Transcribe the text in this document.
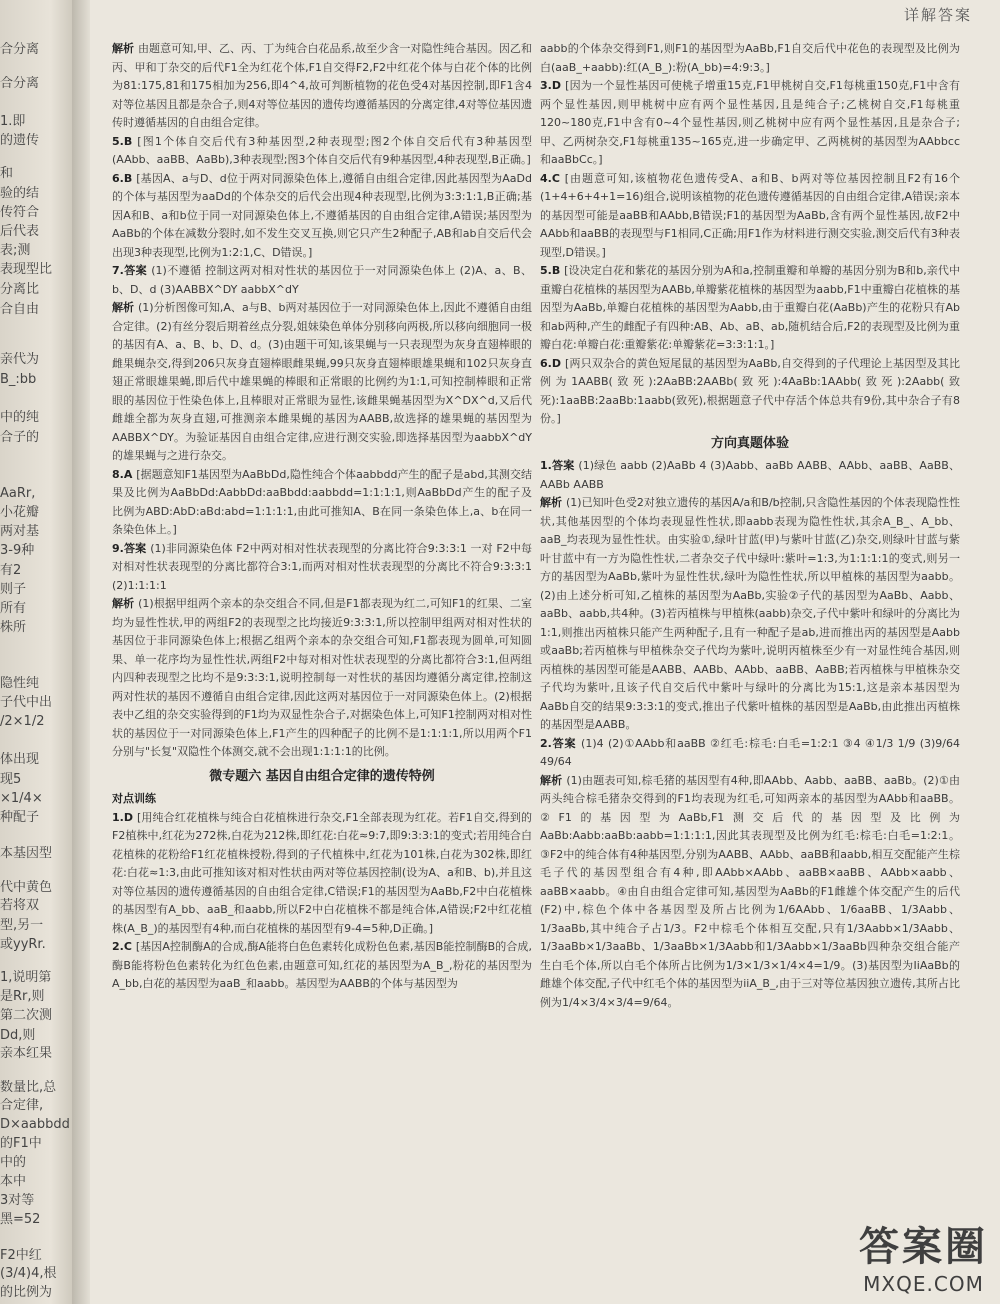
合分离
合分离
1.即
的遗传
和
验的结
传符合
后代表
表;测
表现型比
分离比
合自由
亲代为
B_:bb
中的纯
合子的
AaRr,
小花瓣
两对基
3-9种
有2
则子
所有
株所
隐性纯
子代中出
/2×1/2
体出现
现5
×1/4×
种配子
本基因型
代中黄色
若将双
型,另一
或yyRr.
1,说明第
是Rr,则
第二次测
Dd,则
亲本红果
数量比,总
合定律,
D×aabbdd
的F1中
中的
本中
3对等
黑=52
F2中红
(3/4)4,根
的比例为
详解答案

解析 由题意可知,甲、乙、丙、丁为纯合白花品系,故至少含一对隐性纯合基因。因乙和丙、甲和丁杂交的后代F1全为红花个体,F1自交得F2,F2中红花个体与白花个体的比例为81:175,81和175相加为256,即4^4,故可判断植物的花色受4对基因控制,即F1含4对等位基因且都是杂合子,则4对等位基因的遗传均遵循基因的分离定律,4对等位基因遗传时遵循基因的自由组合定律。

5.B [图1个体自交后代有3种基因型,2种表现型;图2个体自交后代有3种基因型(AAbb、aaBB、AaBb),3种表现型;图3个体自交后代有9种基因型,4种表现型,B正确。]

6.B [基因A、a与D、d位于两对同源染色体上,遵循自由组合定律,因此基因型为AaDd的个体与基因型为aaDd的个体杂交的后代会出现4种表现型,比例为3:3:1:1,B正确;基因A和B、a和b位于同一对同源染色体上,不遵循基因的自由组合定律,A错误;基因型为AaBb的个体在减数分裂时,如不发生交叉互换,则它只产生2种配子,AB和ab自交后代会出现3种表现型,比例为1:2:1,C、D错误。]

7.答案 (1)不遵循 控制这两对相对性状的基因位于一对同源染色体上 (2)A、a、B、b、D、d (3)AABBX^DY aabbX^dY

解析 (1)分析图像可知,A、a与B、b两对基因位于一对同源染色体上,因此不遵循自由组合定律。(2)有丝分裂后期着丝点分裂,姐妹染色单体分别移向两极,所以移向细胞同一极的基因有A、a、B、b、D、d。(3)由题干可知,该果蝇与一只表现型为灰身直翅棒眼的雌果蝇杂交,得到206只灰身直翅棒眼雌果蝇,99只灰身直翅棒眼雄果蝇和102只灰身直翅正常眼雄果蝇,即后代中雄果蝇的棒眼和正常眼的比例约为1:1,可知控制棒眼和正常眼的基因位于性染色体上,且棒眼对正常眼为显性,该雌果蝇基因型为X^DX^d,又后代雌雄全都为灰身直翅,可推测亲本雌果蝇的基因为AABB,故选择的雄果蝇的基因型为AABBX^DY。为验证基因自由组合定律,应进行测交实验,即选择基因型为aabbX^dY的雄果蝇与之进行杂交。

8.A [据题意知F1基因型为AaBbDd,隐性纯合个体aabbdd产生的配子是abd,其测交结果及比例为AaBbDd:AabbDd:aaBbdd:aabbdd=1:1:1:1,则AaBbDd产生的配子及比例为ABD:AbD:aBd:abd=1:1:1:1,由此可推知A、B在同一条染色体上,a、b在同一条染色体上。]

9.答案 (1)非同源染色体 F2中两对相对性状表现型的分离比符合9:3:3:1 一对 F2中每对相对性状表现型的分离比都符合3:1,而两对相对性状表现型的分离比不符合9:3:3:1 (2)1:1:1:1

解析 (1)根据甲组两个亲本的杂交组合不同,但是F1都表现为红二,可知F1的红果、二室均为显性性状,甲的两组F2的表现型之比均接近9:3:3:1,所以控制甲组两对相对性状的基因位于非同源染色体上;根据乙组两个亲本的杂交组合可知,F1都表现为圆单,可知圆果、单一花序均为显性性状,两组F2中每对相对性状表现型的分离比都符合3:1,但两组内四种表现型之比均不是9:3:3:1,说明控制每一对性状的基因均遵循分离定律,控制这两对性状的基因不遵循自由组合定律,因此这两对基因位于一对同源染色体上。(2)根据表中乙组的杂交实验得到的F1均为双显性杂合子,对据染色体上,可知F1控制两对相对性状的基因位于一对同源染色体上,F1产生的四种配子的比例不是1:1:1:1,所以用两个F1分别与"长复"双隐性个体测交,就不会出现1:1:1:1的比例。

微专题六 基因自由组合定律的遗传特例
对点训练

1.D [用纯合红花植株与纯合白花植株进行杂交,F1全部表现为红花。若F1自交,得到的F2植株中,红花为272株,白花为212株,即红花:白花≈9:7,即9:3:3:1的变式;若用纯合白花植株的花粉给F1红花植株授粉,得到的子代植株中,红花为101株,白花为302株,即红花:白花≈1:3,由此可推知该对相对性状由两对等位基因控制(设为A、a和B、b),并且这对等位基因的遗传遵循基因的自由组合定律,C错误;F1的基因型为AaBb,F2中白花植株的基因型有A_bb、aaB_和aabb,所以F2中白花植株不都是纯合体,A错误;F2中红花植株(A_B_)的基因型有4种,而白花植株的基因型有9-4=5种,D正确。]

2.C [基因A控制酶A的合成,酶A能将白色色素转化成粉色色素,基因B能控制酶B的合成,酶B能将粉色色素转化为红色色素,由题意可知,红花的基因型为A_B_,粉花的基因型为A_bb,白花的基因型为aaB_和aabb。基因型为AABB的个体与基因型为

aabb的个体杂交得到F1,则F1的基因型为AaBb,F1自交后代中花色的表现型及比例为白(aaB_+aabb):红(A_B_):粉(A_bb)=4:9:3。]

3.D [因为一个显性基因可使桃子增重15克,F1甲桃树自交,F1每桃重150克,F1中含有两个显性基因,则甲桃树中应有两个显性基因,且是纯合子;乙桃树自交,F1每桃重120~180克,F1中含有0~4个显性基因,则乙桃树中应有两个显性基因,且是杂合子;甲、乙两树杂交,F1每桃重135~165克,进一步确定甲、乙两桃树的基因型为AAbbcc和aaBbCc。]

4.C [由题意可知,该植物花色遗传受A、a和B、b两对等位基因控制且F2有16个(1+4+6+4+1=16)组合,说明该植物的花色遗传遵循基因的自由组合定律,A错误;亲本的基因型可能是aaBB和AAbb,B错误;F1的基因型为AaBb,含有两个显性基因,故F2中AAbb和aaBB的表现型与F1相同,C正确;用F1作为材料进行测交实验,测交后代有3种表现型,D错误。]

5.B [设决定白花和紫花的基因分别为A和a,控制重瓣和单瓣的基因分别为B和b,亲代中重瓣白花植株的基因型为AABb,单瓣紫花植株的基因型为aabb,F1中重瓣白花植株的基因型为AaBb,单瓣白花植株的基因型为Aabb,由于重瓣白花(AaBb)产生的花粉只有Ab和ab两种,产生的雌配子有四种:AB、Ab、aB、ab,随机结合后,F2的表现型及比例为重瓣白花:单瓣白花:重瓣紫花:单瓣紫花=3:3:1:1。]

6.D [两只双杂合的黄色短尾鼠的基因型为AaBb,自交得到的子代理论上基因型及其比例为1AABB(致死):2AaBB:2AABb(致死):4AaBb:1AAbb(致死):2Aabb(致死):1aaBB:2aaBb:1aabb(致死),根据题意子代中存活个体总共有9份,其中杂合子有8份。]

方向真题体验

1.答案 (1)绿色 aabb (2)AaBb 4 (3)Aabb、aaBb AABB、AAbb、aaBB、AaBB、AABb AABB

解析 (1)已知叶色受2对独立遗传的基因A/a和B/b控制,只含隐性基因的个体表现隐性性状,其他基因型的个体均表现显性性状,即aabb表现为隐性性状,其余A_B_、A_bb、aaB_均表现为显性性状。由实验①,绿叶甘蓝(甲)与紫叶甘蓝(乙)杂交,则绿叶甘蓝与紫叶甘蓝中有一方为隐性性状,二者杂交子代中绿叶:紫叶=1:3,为1:1:1:1的变式,则另一方的基因型为AaBb,紫叶为显性性状,绿叶为隐性性状,所以甲植株的基因型为aabb。(2)由上述分析可知,乙植株的基因型为AaBb,实验②子代的基因型为AaBb、Aabb、aaBb、aabb,共4种。(3)若丙植株与甲植株(aabb)杂交,子代中紫叶和绿叶的分离比为1:1,则推出丙植株只能产生两种配子,且有一种配子是ab,进而推出丙的基因型是Aabb或aaBb;若丙植株与甲植株杂交子代均为紫叶,说明丙植株至少有一对显性纯合基因,则丙植株的基因型可能是AABB、AABb、AAbb、aaBB、AaBB;若丙植株与甲植株杂交子代均为紫叶,且该子代自交后代中紫叶与绿叶的分离比为15:1,这是亲本基因型为AaBb自交的结果9:3:3:1的变式,推出子代紫叶植株的基因型是AaBb,由此推出丙植株的基因型是AABB。

2.答案 (1)4 (2)①AAbb和aaBB ②红毛:棕毛:白毛=1:2:1 ③4 ④1/3 1/9 (3)9/64 49/64

解析 (1)由题表可知,棕毛猪的基因型有4种,即AAbb、Aabb、aaBB、aaBb。(2)①由两头纯合棕毛猪杂交得到的F1均表现为红毛,可知两亲本的基因型为AAbb和aaBB。②F1的基因型为AaBb,F1测交后代的基因型及比例为AaBb:Aabb:aaBb:aabb=1:1:1:1,因此其表现型及比例为红毛:棕毛:白毛=1:2:1。③F2中的纯合体有4种基因型,分别为AABB、AAbb、aaBB和aabb,相互交配能产生棕毛子代的基因型组合有4种,即AAbb×AAbb、aaBB×aaBB、AAbb×aabb、aaBB×aabb。④由自由组合定律可知,基因型为AaBb的F1雌雄个体交配产生的后代(F2)中,棕色个体中各基因型及所占比例为1/6AAbb、1/6aaBB、1/3Aabb、1/3aaBb,其中纯合子占1/3。F2中棕毛个体相互交配,只有1/3Aabb×1/3Aabb、1/3aaBb×1/3aaBb、1/3aaBb×1/3Aabb和1/3Aabb×1/3aaBb四种杂交组合能产生白毛个体,所以白毛个体所占比例为1/3×1/3×1/4×4=1/9。(3)基因型为IiAaBb的雌雄个体交配,子代中红毛个体的基因型为iiA_B_,由于三对等位基因独立遗传,其所占比例为1/4×3/4×3/4=9/64。

答案圈
MXQE.COM
